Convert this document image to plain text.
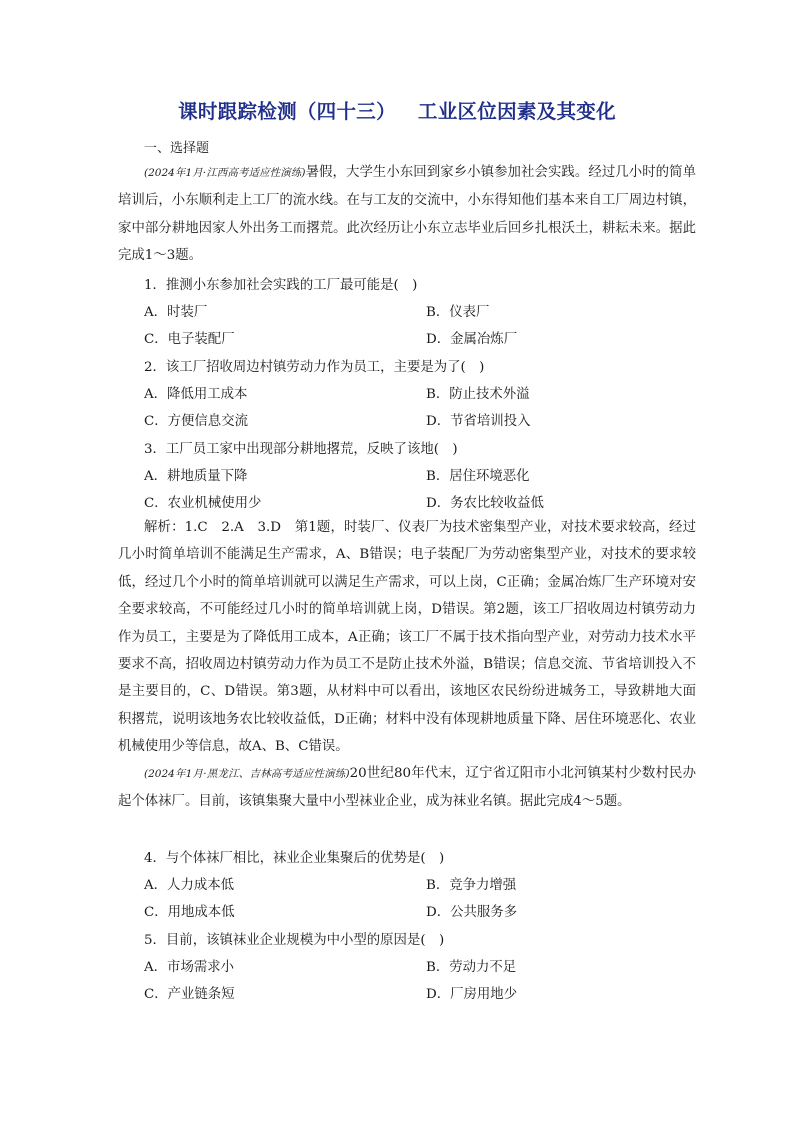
课时跟踪检测（四十三） 工业区位因素及其变化
一、选择题

(2024年1月·江西高考适应性演练)暑假，大学生小东回到家乡小镇参加社会实践。经过几小时的简单培训后，小东顺利走上工厂的流水线。在与工友的交流中，小东得知他们基本来自工厂周边村镇，家中部分耕地因家人外出务工而撂荒。此次经历让小东立志毕业后回乡扎根沃土，耕耘未来。据此完成1～3题。

1．推测小东参加社会实践的工厂最可能是(　)
A．时装厂	B．仪表厂
C．电子装配厂	D．金属冶炼厂
2．该工厂招收周边村镇劳动力作为员工，主要是为了(　)
A．降低用工成本	B．防止技术外溢
C．方便信息交流	D．节省培训投入
3．工厂员工家中出现部分耕地撂荒，反映了该地(　)
A．耕地质量下降	B．居住环境恶化
C．农业机械使用少	D．务农比较收益低

解析：1.C　2.A　3.D　第1题，时装厂、仪表厂为技术密集型产业，对技术要求较高，经过几小时简单培训不能满足生产需求，A、B错误；电子装配厂为劳动密集型产业，对技术的要求较低，经过几个小时的简单培训就可以满足生产需求，可以上岗，C正确；金属冶炼厂生产环境对安全要求较高，不可能经过几小时的简单培训就上岗，D错误。第2题，该工厂招收周边村镇劳动力作为员工，主要是为了降低用工成本，A正确；该工厂不属于技术指向型产业，对劳动力技术水平要求不高，招收周边村镇劳动力作为员工不是防止技术外溢，B错误；信息交流、节省培训投入不是主要目的，C、D错误。第3题，从材料中可以看出，该地区农民纷纷进城务工，导致耕地大面积撂荒，说明该地务农比较收益低，D正确；材料中没有体现耕地质量下降、居住环境恶化、农业机械使用少等信息，故A、B、C错误。

(2024年1月·黑龙江、吉林高考适应性演练)20世纪80年代末，辽宁省辽阳市小北河镇某村少数村民办起个体袜厂。目前，该镇集聚大量中小型袜业企业，成为袜业名镇。据此完成4～5题。

4．与个体袜厂相比，袜业企业集聚后的优势是(　)
A．人力成本低	B．竞争力增强
C．用地成本低	D．公共服务多
5．目前，该镇袜业企业规模为中小型的原因是(　)
A．市场需求小	B．劳动力不足
C．产业链条短	D．厂房用地少
